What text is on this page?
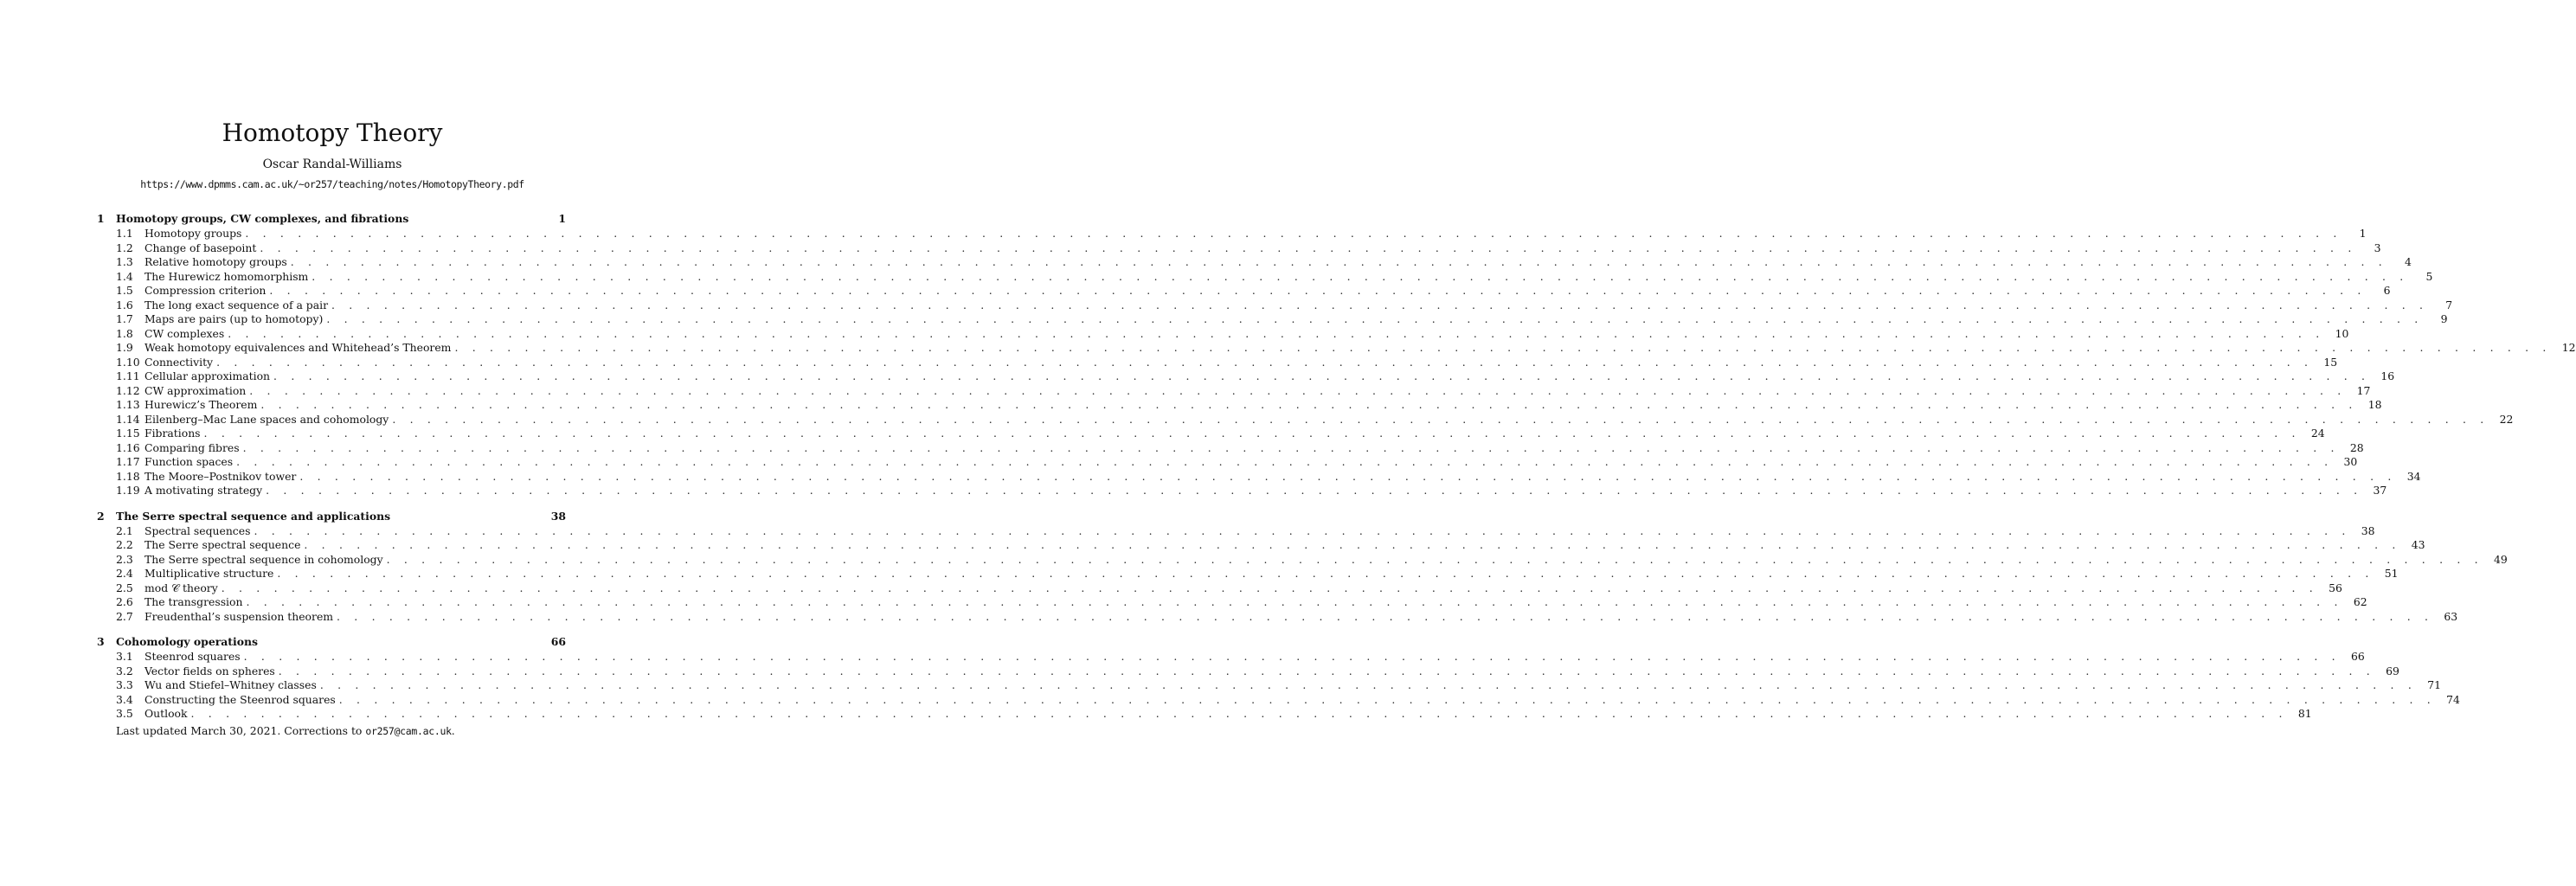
Homotopy Theory
Oscar Randal-Williams
https://www.dpmms.cam.ac.uk/~or257/teaching/notes/HomotopyTheory.pdf
1	Homotopy groups, CW complexes, and fibrations	1
1.1	Homotopy groups . . . . . . . . . . . . . . . . . . . . . . . . . . . . . . . . . . . . . . . . . . . . . . . . . . . . . . . . . . . . . . . . . . . . . . . . . . . . . . . . . . . . . . . . . . . . . . . . . . . . . . . . . . . . . . . . . . . . . . . .	1
1.2	Change of basepoint . . . . . . . . . . . . . . . . . . . . . . . . . . . . . . . . . . . . . . . . . . . . . . . . . . . . . . . . . . . . . . . . . . . . . . . . . . . . . . . . . . . . . . . . . . . . . . . . . . . . . . . . . . . . . . . . . . . . . . . .	3
1.3	Relative homotopy groups . . . . . . . . . . . . . . . . . . . . . . . . . . . . . . . . . . . . . . . . . . . . . . . . . . . . . . . . . . . . . . . . . . . . . . . . . . . . . . . . . . . . . . . . . . . . . . . . . . . . . . . . . . . . . . . . . . . . . . . .	4
1.4	The Hurewicz homomorphism . . . . . . . . . . . . . . . . . . . . . . . . . . . . . . . . . . . . . . . . . . . . . . . . . . . . . . . . . . . . . . . . . . . . . . . . . . . . . . . . . . . . . . . . . . . . . . . . . . . . . . . . . . . . . . . . . . . . . . . .	5
1.5	Compression criterion . . . . . . . . . . . . . . . . . . . . . . . . . . . . . . . . . . . . . . . . . . . . . . . . . . . . . . . . . . . . . . . . . . . . . . . . . . . . . . . . . . . . . . . . . . . . . . . . . . . . . . . . . . . . . . . . . . . . . . . .	6
1.6	The long exact sequence of a pair . . . . . . . . . . . . . . . . . . . . . . . . . . . . . . . . . . . . . . . . . . . . . . . . . . . . . . . . . . . . . . . . . . . . . . . . . . . . . . . . . . . . . . . . . . . . . . . . . . . . . . . . . . . . . . . . . . . . . . . .	7
1.7	Maps are pairs (up to homotopy) . . . . . . . . . . . . . . . . . . . . . . . . . . . . . . . . . . . . . . . . . . . . . . . . . . . . . . . . . . . . . . . . . . . . . . . . . . . . . . . . . . . . . . . . . . . . . . . . . . . . . . . . . . . . . . . . . . . . . . . .	9
1.8	CW complexes . . . . . . . . . . . . . . . . . . . . . . . . . . . . . . . . . . . . . . . . . . . . . . . . . . . . . . . . . . . . . . . . . . . . . . . . . . . . . . . . . . . . . . . . . . . . . . . . . . . . . . . . . . . . . . . . . . . . . . . . 10
1.9	Weak homotopy equivalences and Whitehead’s Theorem . . . . . . . . . . . . . . . . . . . . . . . . . . . . . . . . . . . . . . . . . . . . . . . . . . . . . . . . . . . . . . . . . . . . . . . . . . . . . . . . . . . . . . . . . . . . . . . . . . . . . . . . . . . . . . . . . . . . . . . . 12
1.10 Connectivity . . . . . . . . . . . . . . . . . . . . . . . . . . . . . . . . . . . . . . . . . . . . . . . . . . . . . . . . . . . . . . . . . . . . . . . . . . . . . . . . . . . . . . . . . . . . . . . . . . . . . . . . . . . . . . . . . . . . . . . . 15
1.11 Cellular approximation . . . . . . . . . . . . . . . . . . . . . . . . . . . . . . . . . . . . . . . . . . . . . . . . . . . . . . . . . . . . . . . . . . . . . . . . . . . . . . . . . . . . . . . . . . . . . . . . . . . . . . . . . . . . . . . . . . . . . . . . 16
1.12 CW approximation . . . . . . . . . . . . . . . . . . . . . . . . . . . . . . . . . . . . . . . . . . . . . . . . . . . . . . . . . . . . . . . . . . . . . . . . . . . . . . . . . . . . . . . . . . . . . . . . . . . . . . . . . . . . . . . . . . . . . . . . 17
1.13 Hurewicz’s Theorem . . . . . . . . . . . . . . . . . . . . . . . . . . . . . . . . . . . . . . . . . . . . . . . . . . . . . . . . . . . . . . . . . . . . . . . . . . . . . . . . . . . . . . . . . . . . . . . . . . . . . . . . . . . . . . . . . . . . . . . . 18
1.14 Eilenberg–Mac Lane spaces and cohomology . . . . . . . . . . . . . . . . . . . . . . . . . . . . . . . . . . . . . . . . . . . . . . . . . . . . . . . . . . . . . . . . . . . . . . . . . . . . . . . . . . . . . . . . . . . . . . . . . . . . . . . . . . . . . . . . . . . . . . . . 22
1.15 Fibrations . . . . . . . . . . . . . . . . . . . . . . . . . . . . . . . . . . . . . . . . . . . . . . . . . . . . . . . . . . . . . . . . . . . . . . . . . . . . . . . . . . . . . . . . . . . . . . . . . . . . . . . . . . . . . . . . . . . . . . . . 24
1.16 Comparing fibres . . . . . . . . . . . . . . . . . . . . . . . . . . . . . . . . . . . . . . . . . . . . . . . . . . . . . . . . . . . . . . . . . . . . . . . . . . . . . . . . . . . . . . . . . . . . . . . . . . . . . . . . . . . . . . . . . . . . . . . . 28
1.17 Function spaces . . . . . . . . . . . . . . . . . . . . . . . . . . . . . . . . . . . . . . . . . . . . . . . . . . . . . . . . . . . . . . . . . . . . . . . . . . . . . . . . . . . . . . . . . . . . . . . . . . . . . . . . . . . . . . . . . . . . . . . . 30
1.18 The Moore–Postnikov tower . . . . . . . . . . . . . . . . . . . . . . . . . . . . . . . . . . . . . . . . . . . . . . . . . . . . . . . . . . . . . . . . . . . . . . . . . . . . . . . . . . . . . . . . . . . . . . . . . . . . . . . . . . . . . . . . . . . . . . . . 34
1.19 A motivating strategy . . . . . . . . . . . . . . . . . . . . . . . . . . . . . . . . . . . . . . . . . . . . . . . . . . . . . . . . . . . . . . . . . . . . . . . . . . . . . . . . . . . . . . . . . . . . . . . . . . . . . . . . . . . . . . . . . . . . . . . . 37
2	The Serre spectral sequence and applications	38
2.1	Spectral sequences . . . . . . . . . . . . . . . . . . . . . . . . . . . . . . . . . . . . . . . . . . . . . . . . . . . . . . . . . . . . . . . . . . . . . . . . . . . . . . . . . . . . . . . . . . . . . . . . . . . . . . . . . . . . . . . . . . . . . . . . 38
2.2	The Serre spectral sequence . . . . . . . . . . . . . . . . . . . . . . . . . . . . . . . . . . . . . . . . . . . . . . . . . . . . . . . . . . . . . . . . . . . . . . . . . . . . . . . . . . . . . . . . . . . . . . . . . . . . . . . . . . . . . . . . . . . . . . . . 43
2.3	The Serre spectral sequence in cohomology . . . . . . . . . . . . . . . . . . . . . . . . . . . . . . . . . . . . . . . . . . . . . . . . . . . . . . . . . . . . . . . . . . . . . . . . . . . . . . . . . . . . . . . . . . . . . . . . . . . . . . . . . . . . . . . . . . . . . . . . 49
2.4	Multiplicative structure . . . . . . . . . . . . . . . . . . . . . . . . . . . . . . . . . . . . . . . . . . . . . . . . . . . . . . . . . . . . . . . . . . . . . . . . . . . . . . . . . . . . . . . . . . . . . . . . . . . . . . . . . . . . . . . . . . . . . . . . 51
2.5	mod 𝒞 theory . . . . . . . . . . . . . . . . . . . . . . . . . . . . . . . . . . . . . . . . . . . . . . . . . . . . . . . . . . . . . . . . . . . . . . . . . . . . . . . . . . . . . . . . . . . . . . . . . . . . . . . . . . . . . . . . . . . . . . . . 56
2.6	The transgression . . . . . . . . . . . . . . . . . . . . . . . . . . . . . . . . . . . . . . . . . . . . . . . . . . . . . . . . . . . . . . . . . . . . . . . . . . . . . . . . . . . . . . . . . . . . . . . . . . . . . . . . . . . . . . . . . . . . . . . . 62
2.7	Freudenthal’s suspension theorem . . . . . . . . . . . . . . . . . . . . . . . . . . . . . . . . . . . . . . . . . . . . . . . . . . . . . . . . . . . . . . . . . . . . . . . . . . . . . . . . . . . . . . . . . . . . . . . . . . . . . . . . . . . . . . . . . . . . . . . . 63
3	Cohomology operations	66
3.1	Steenrod squares . . . . . . . . . . . . . . . . . . . . . . . . . . . . . . . . . . . . . . . . . . . . . . . . . . . . . . . . . . . . . . . . . . . . . . . . . . . . . . . . . . . . . . . . . . . . . . . . . . . . . . . . . . . . . . . . . . . . . . . . 66
3.2	Vector fields on spheres . . . . . . . . . . . . . . . . . . . . . . . . . . . . . . . . . . . . . . . . . . . . . . . . . . . . . . . . . . . . . . . . . . . . . . . . . . . . . . . . . . . . . . . . . . . . . . . . . . . . . . . . . . . . . . . . . . . . . . . . 69
3.3	Wu and Stiefel–Whitney classes . . . . . . . . . . . . . . . . . . . . . . . . . . . . . . . . . . . . . . . . . . . . . . . . . . . . . . . . . . . . . . . . . . . . . . . . . . . . . . . . . . . . . . . . . . . . . . . . . . . . . . . . . . . . . . . . . . . . . . . . 71
3.4	Constructing the Steenrod squares . . . . . . . . . . . . . . . . . . . . . . . . . . . . . . . . . . . . . . . . . . . . . . . . . . . . . . . . . . . . . . . . . . . . . . . . . . . . . . . . . . . . . . . . . . . . . . . . . . . . . . . . . . . . . . . . . . . . . . . . 74
3.5	Outlook . . . . . . . . . . . . . . . . . . . . . . . . . . . . . . . . . . . . . . . . . . . . . . . . . . . . . . . . . . . . . . . . . . . . . . . . . . . . . . . . . . . . . . . . . . . . . . . . . . . . . . . . . . . . . . . . . . . . . . . . 81
Last updated March 30, 2021. Corrections to or257@cam.ac.uk.
